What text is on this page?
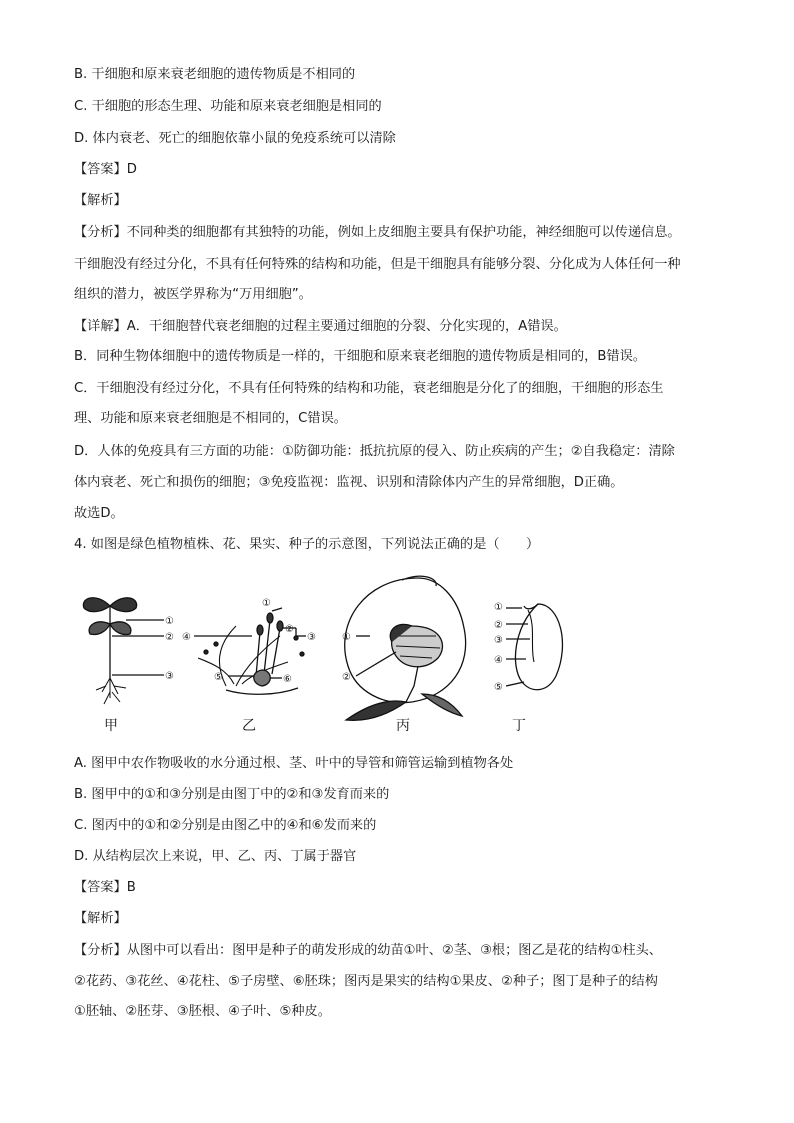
B. 干细胞和原来衰老细胞的遗传物质是不相同的
C. 干细胞的形态生理、功能和原来衰老细胞是相同的
D. 体内衰老、死亡的细胞依靠小鼠的免疫系统可以清除
【答案】D
【解析】
【分析】不同种类的细胞都有其独特的功能，例如上皮细胞主要具有保护功能，神经细胞可以传递信息。
干细胞没有经过分化，不具有任何特殊的结构和功能，但是干细胞具有能够分裂、分化成为人体任何一种
组织的潜力，被医学界称为“万用细胞”。
【详解】A．干细胞替代衰老细胞的过程主要通过细胞的分裂、分化实现的，A错误。
B．同种生物体细胞中的遗传物质是一样的，干细胞和原来衰老细胞的遗传物质是相同的，B错误。
C．干细胞没有经过分化，不具有任何特殊的结构和功能，衰老细胞是分化了的细胞，干细胞的形态生
理、功能和原来衰老细胞是不相同的，C错误。
D．人体的免疫具有三方面的功能：①防御功能：抵抗抗原的侵入、防止疾病的产生；②自我稳定：清除
体内衰老、死亡和损伤的细胞；③免疫监视：监视、识别和清除体内产生的异常细胞，D正确。
故选D。
4. 如图是绿色植物植株、花、果实、种子的示意图，下列说法正确的是（　　）
①
②
③
①
②
③
④
⑤	⑥
①
②
①
②
③
④
⑤
甲	乙	丙	丁
A. 图甲中农作物吸收的水分通过根、茎、叶中的导管和筛管运输到植物各处
B. 图甲中的①和③分别是由图丁中的②和③发育而来的
C. 图丙中的①和②分别是由图乙中的④和⑥发而来的
D. 从结构层次上来说，甲、乙、丙、丁属于器官
【答案】B
【解析】
【分析】从图中可以看出：图甲是种子的萌发形成的幼苗①叶、②茎、③根；图乙是花的结构①柱头、
②花药、③花丝、④花柱、⑤子房壁、⑥胚珠；图丙是果实的结构①果皮、②种子；图丁是种子的结构
①胚轴、②胚芽、③胚根、④子叶、⑤种皮。
